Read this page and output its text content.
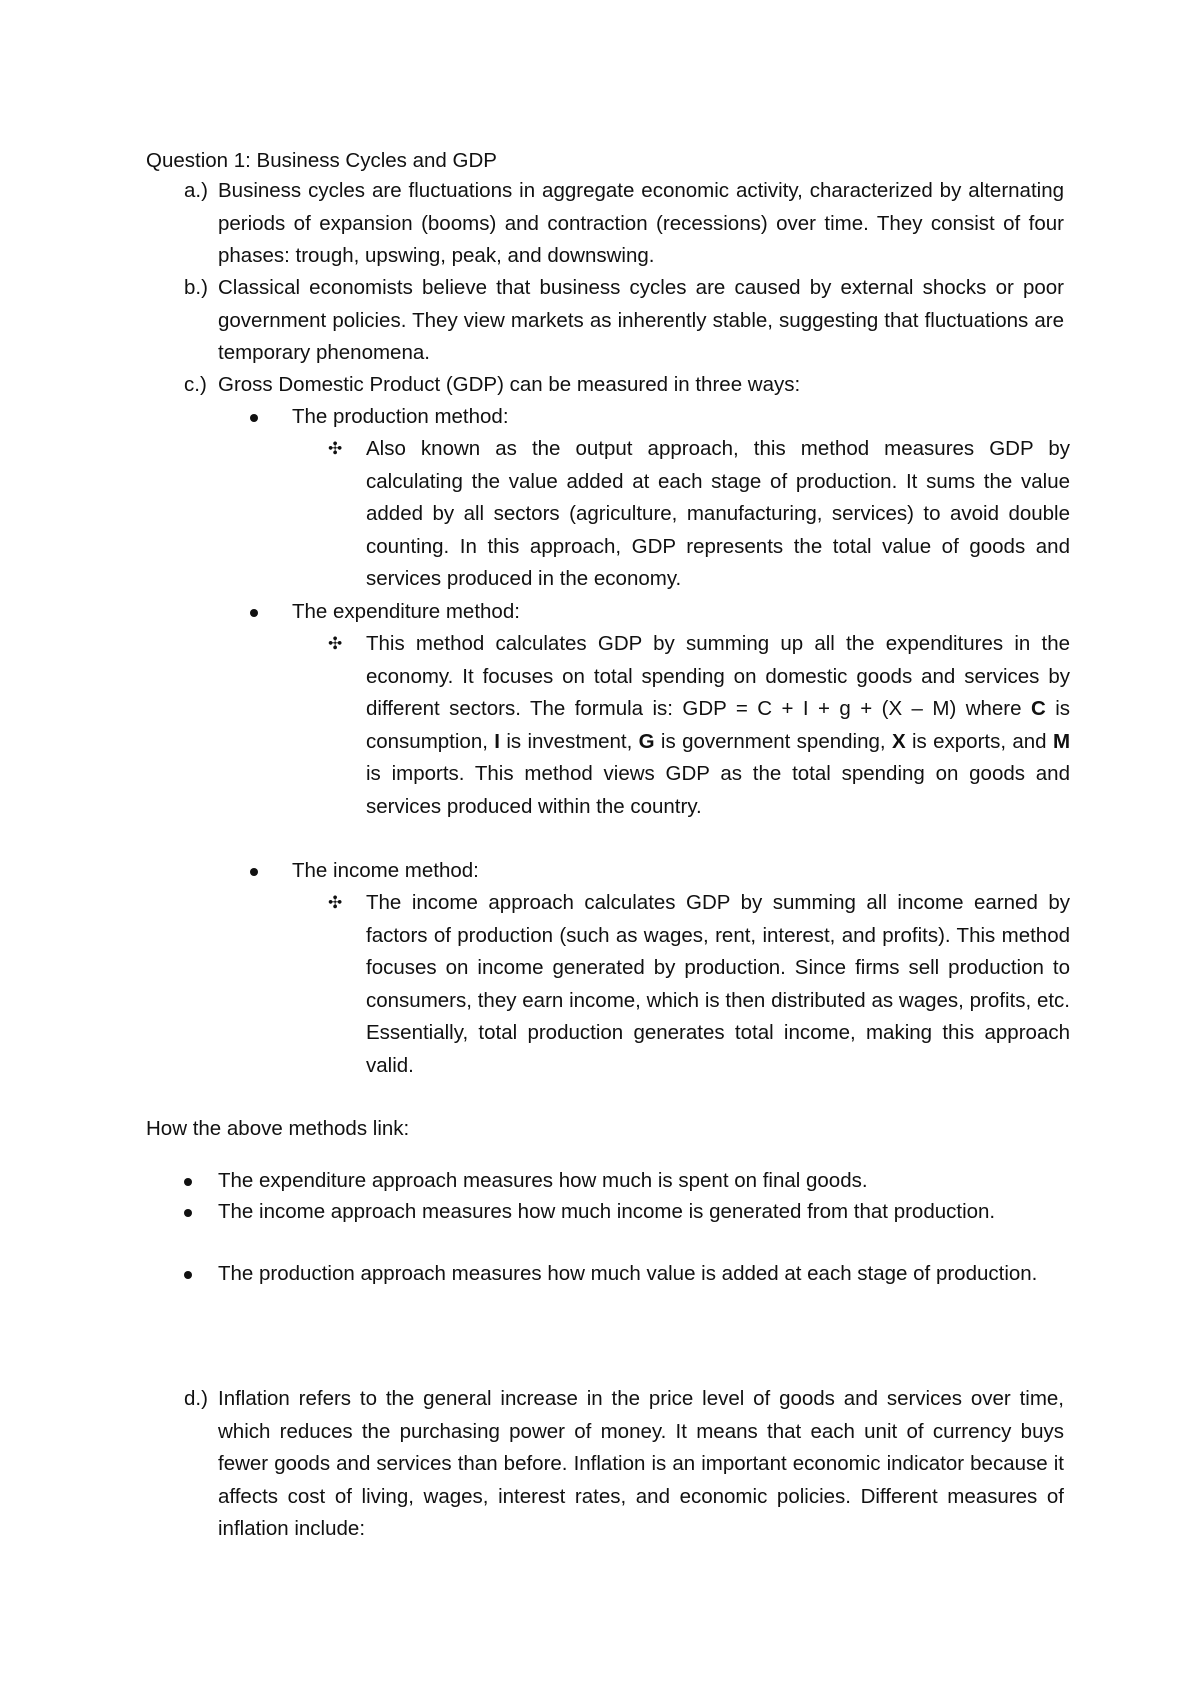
Question 1: Business Cycles and GDP

a.) Business cycles are fluctuations in aggregate economic activity, characterized by alternating periods of expansion (booms) and contraction (recessions) over time. They consist of four phases: trough, upswing, peak, and downswing.
b.) Classical economists believe that business cycles are caused by external shocks or poor government policies. They view markets as inherently stable, suggesting that fluctuations are temporary phenomena.
c.) Gross Domestic Product (GDP) can be measured in three ways:
The production method:
✣ Also known as the output approach, this method measures GDP by calculating the value added at each stage of production. It sums the value added by all sectors (agriculture, manufacturing, services) to avoid double counting. In this approach, GDP represents the total value of goods and services produced in the economy.
The expenditure method:
✣ This method calculates GDP by summing up all the expenditures in the economy. It focuses on total spending on domestic goods and services by different sectors. The formula is: GDP = C + I + g + (X – M) where C is consumption, I is investment, G is government spending, X is exports, and M is imports. This method views GDP as the total spending on goods and services produced within the country.
The income method:
✣ The income approach calculates GDP by summing all income earned by factors of production (such as wages, rent, interest, and profits). This method focuses on income generated by production. Since firms sell production to consumers, they earn income, which is then distributed as wages, profits, etc. Essentially, total production generates total income, making this approach valid.

How the above methods link:

The expenditure approach measures how much is spent on final goods.
The income approach measures how much income is generated from that production.
The production approach measures how much value is added at each stage of production.
d.) Inflation refers to the general increase in the price level of goods and services over time, which reduces the purchasing power of money. It means that each unit of currency buys fewer goods and services than before. Inflation is an important economic indicator because it affects cost of living, wages, interest rates, and economic policies. Different measures of inflation include:
